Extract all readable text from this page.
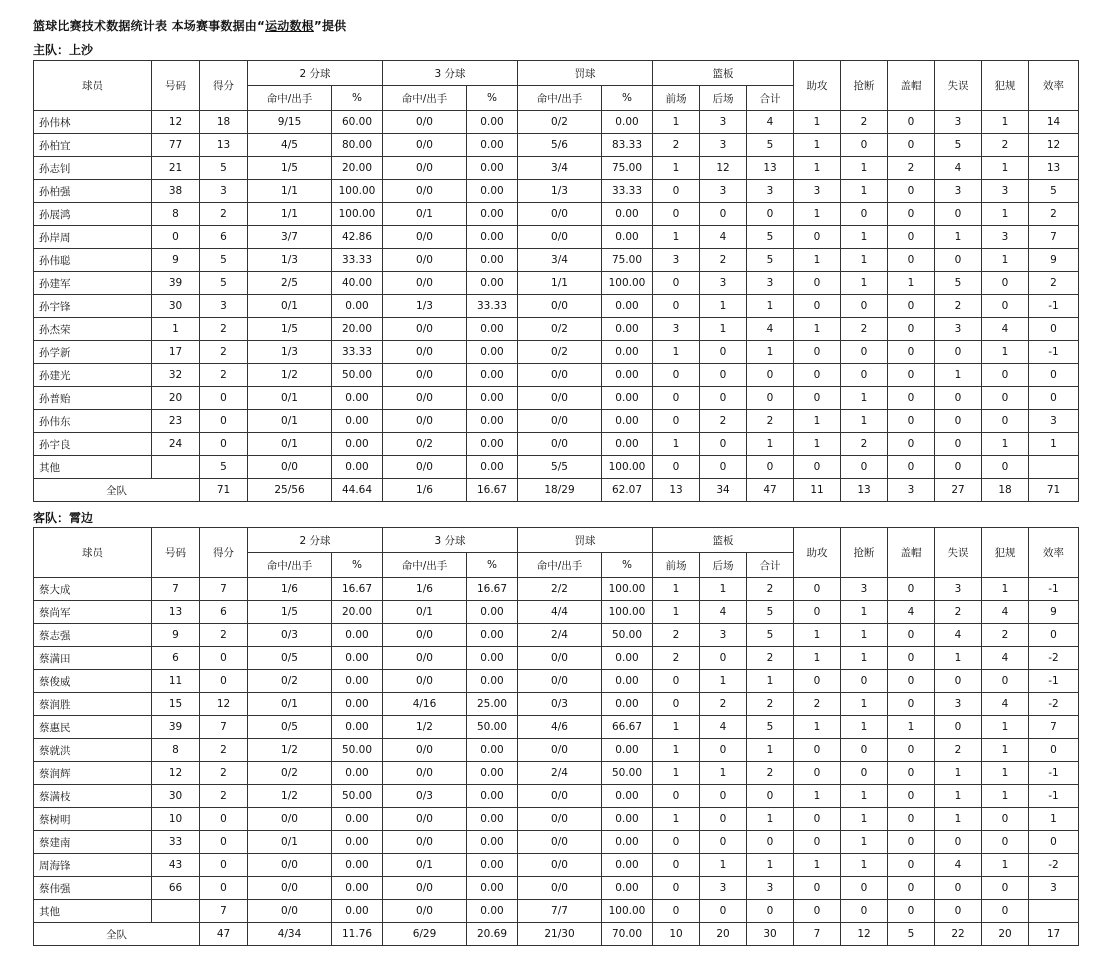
篮球比赛技术数据统计表 本场赛事数据由“运动数根”提供
主队：上沙
球员	号码	得分	2 分球		3 分球		罚球		篮板			助攻	抢断	盖帽	失误	犯规	效率
			命中/出手	%	命中/出手	%	命中/出手	%	前场	后场	合计						
孙伟林	12	18	9/15	60.00	0/0	0.00	0/2	0.00	1	3	4	1	2	0	3	1	14
孙柏宜	77	13	4/5	80.00	0/0	0.00	5/6	83.33	2	3	5	1	0	0	5	2	12
孙志钊	21	5	1/5	20.00	0/0	0.00	3/4	75.00	1	12	13	1	1	2	4	1	13
孙柏强	38	3	1/1	100.00	0/0	0.00	1/3	33.33	0	3	3	3	1	0	3	3	5
孙展鸿	8	2	1/1	100.00	0/1	0.00	0/0	0.00	0	0	0	1	0	0	0	1	2
孙岸周	0	6	3/7	42.86	0/0	0.00	0/0	0.00	1	4	5	0	1	0	1	3	7
孙伟聪	9	5	1/3	33.33	0/0	0.00	3/4	75.00	3	2	5	1	1	0	0	1	9
孙建军	39	5	2/5	40.00	0/0	0.00	1/1	100.00	0	3	3	0	1	1	5	0	2
孙宇锋	30	3	0/1	0.00	1/3	33.33	0/0	0.00	0	1	1	0	0	0	2	0	-1
孙杰荣	1	2	1/5	20.00	0/0	0.00	0/2	0.00	3	1	4	1	2	0	3	4	0
孙学新	17	2	1/3	33.33	0/0	0.00	0/2	0.00	1	0	1	0	0	0	0	1	-1
孙建光	32	2	1/2	50.00	0/0	0.00	0/0	0.00	0	0	0	0	0	0	1	0	0
孙普贻	20	0	0/1	0.00	0/0	0.00	0/0	0.00	0	0	0	0	1	0	0	0	0
孙伟东	23	0	0/1	0.00	0/0	0.00	0/0	0.00	0	2	2	1	1	0	0	0	3
孙宇良	24	0	0/1	0.00	0/2	0.00	0/0	0.00	1	0	1	1	2	0	0	1	1
其他		5	0/0	0.00	0/0	0.00	5/5	100.00	0	0	0	0	0	0	0	0	
全队		71	25/56	44.64	1/6	16.67	18/29	62.07	13	34	47	11	13	3	27	18	71
客队：霄边
球员	号码	得分	2 分球		3 分球		罚球		篮板			助攻	抢断	盖帽	失误	犯规	效率
			命中/出手	%	命中/出手	%	命中/出手	%	前场	后场	合计						
蔡大成	7	7	1/6	16.67	1/6	16.67	2/2	100.00	1	1	2	0	3	0	3	1	-1
蔡尚军	13	6	1/5	20.00	0/1	0.00	4/4	100.00	1	4	5	0	1	4	2	4	9
蔡志强	9	2	0/3	0.00	0/0	0.00	2/4	50.00	2	3	5	1	1	0	4	2	0
蔡满田	6	0	0/5	0.00	0/0	0.00	0/0	0.00	2	0	2	1	1	0	1	4	-2
蔡俊威	11	0	0/2	0.00	0/0	0.00	0/0	0.00	0	1	1	0	0	0	0	0	-1
蔡润胜	15	12	0/1	0.00	4/16	25.00	0/3	0.00	0	2	2	2	1	0	3	4	-2
蔡惠民	39	7	0/5	0.00	1/2	50.00	4/6	66.67	1	4	5	1	1	1	0	1	7
蔡就洪	8	2	1/2	50.00	0/0	0.00	0/0	0.00	1	0	1	0	0	0	2	1	0
蔡润辉	12	2	0/2	0.00	0/0	0.00	2/4	50.00	1	1	2	0	0	0	1	1	-1
蔡满枝	30	2	1/2	50.00	0/3	0.00	0/0	0.00	0	0	0	1	1	0	1	1	-1
蔡树明	10	0	0/0	0.00	0/0	0.00	0/0	0.00	1	0	1	0	1	0	1	0	1
蔡建南	33	0	0/1	0.00	0/0	0.00	0/0	0.00	0	0	0	0	1	0	0	0	0
周海锋	43	0	0/0	0.00	0/1	0.00	0/0	0.00	0	1	1	1	1	0	4	1	-2
蔡伟强	66	0	0/0	0.00	0/0	0.00	0/0	0.00	0	3	3	0	0	0	0	0	3
其他		7	0/0	0.00	0/0	0.00	7/7	100.00	0	0	0	0	0	0	0	0	
全队		47	4/34	11.76	6/29	20.69	21/30	70.00	10	20	30	7	12	5	22	20	17
